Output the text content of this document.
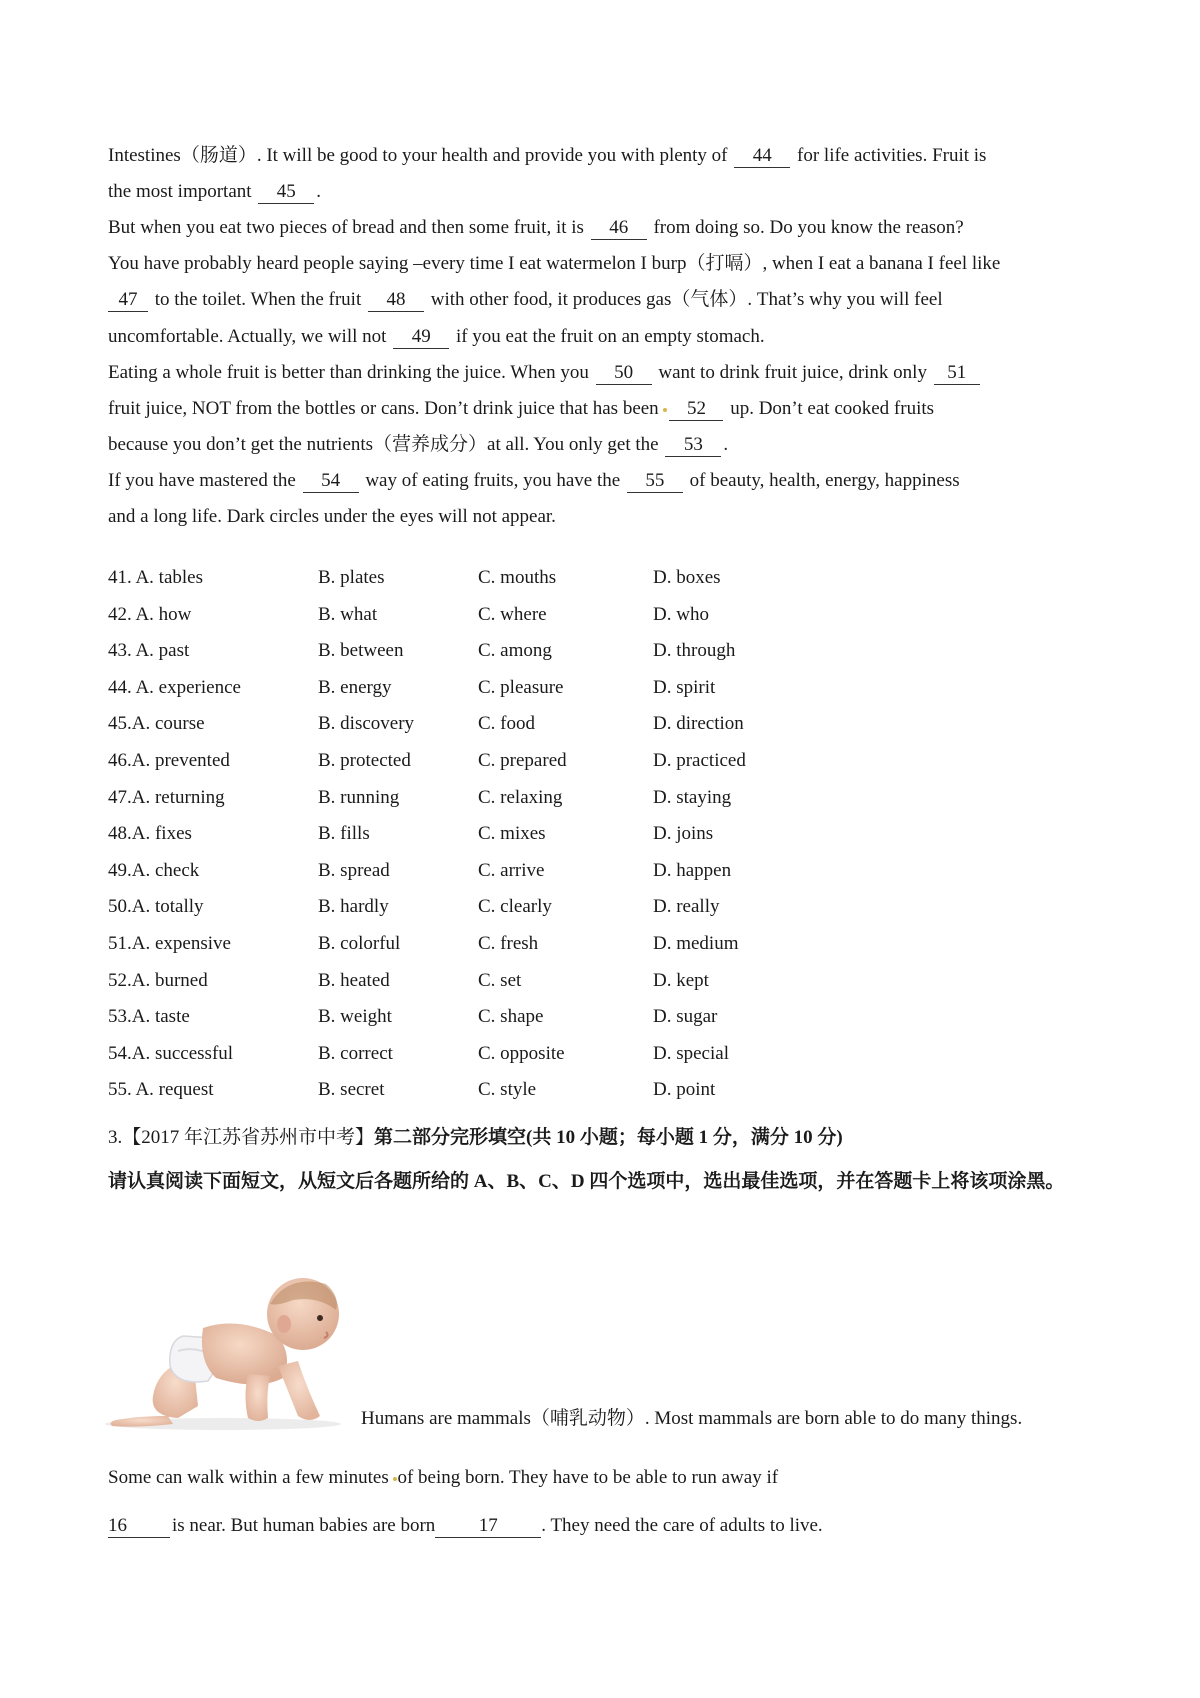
Intestines（肠道）. It will be good to your health and provide you with plenty of 44 for life activities. Fruit is
the most important 45 .
But when you eat two pieces of bread and then some fruit, it is 46 from doing so. Do you know the reason?
You have probably heard people saying –every time I eat watermelon I burp（打嗝）, when I eat a banana I feel like
47 to the toilet. When the fruit 48 with other food, it produces gas（气体）. That’s why you will feel
uncomfortable. Actually, we will not 49 if you eat the fruit on an empty stomach.
Eating a whole fruit is better than drinking the juice. When you 50 want to drink fruit juice, drink only 51
fruit juice, NOT from the bottles or cans. Don’t drink juice that has been 52 up. Don’t eat cooked fruits
because you don’t get the nutrients（营养成分）at all. You only get the 53 .
If you have mastered the 54 way of eating fruits, you have the 55 of beauty, health, energy, happiness
and a long life. Dark circles under the eyes will not appear.
41. A. tables	B. plates	C. mouths	D. boxes
42. A. how	B. what	C. where	D. who
43. A. past	B. between	C. among	D. through
44. A. experience	B. energy	C. pleasure	D. spirit
45.A. course	B. discovery	C. food	D. direction
46.A. prevented	B. protected	C. prepared	D. practiced
47.A. returning	B. running	C. relaxing	D. staying
48.A. fixes	B. fills	C. mixes	D. joins
49.A. check	B. spread	C. arrive	D. happen
50.A. totally	B. hardly	C. clearly	D. really
51.A. expensive	B. colorful	C. fresh	D. medium
52.A. burned	B. heated	C. set	D. kept
53.A. taste	B. weight	C. shape	D. sugar
54.A. successful	B. correct	C. opposite	D. special
55. A. request	B. secret	C. style	D. point
3.【2017 年江苏省苏州市中考】第二部分完形填空(共 10 小题；每小题 1 分，满分 10 分)
请认真阅读下面短文，从短文后各题所给的 A、B、C、D 四个选项中，选出最佳选项，并在答题卡上将该项涂黑。
Humans are mammals（哺乳动物）. Most mammals are born able to do many things.
Some can walk within a few minutes of being born. They have to be able to run away if
16 is near. But human babies are born 17 . They need the care of adults to live.
